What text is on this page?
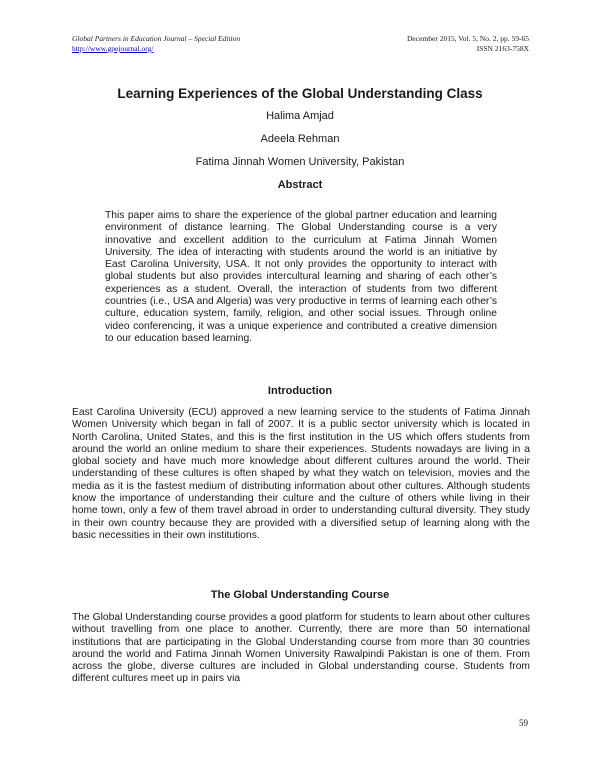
Global Partners in Education Journal – Special Edition
http://www.gpejournal.org/
December 2015, Vol. 5, No. 2, pp. 59-65
ISSN 2163-758X
Learning Experiences of the Global Understanding Class
Halima Amjad
Adeela Rehman
Fatima Jinnah Women University, Pakistan
Abstract

This paper aims to share the experience of the global partner education and learning environment of distance learning. The Global Understanding course is a very innovative and excellent addition to the curriculum at Fatima Jinnah Women University. The idea of interacting with students around the world is an initiative by East Carolina University, USA. It not only provides the opportunity to interact with global students but also provides intercultural learning and sharing of each other’s experiences as a student. Overall, the interaction of students from two different countries (i.e., USA and Algeria) was very productive in terms of learning each other’s culture, education system, family, religion, and other social issues. Through online video conferencing, it was a unique experience and contributed a creative dimension to our education based learning.

Introduction

East Carolina University (ECU) approved a new learning service to the students of Fatima Jinnah Women University which began in fall of 2007. It is a public sector university which is located in North Carolina, United States, and this is the first institution in the US which offers students from around the world an online medium to share their experiences. Students nowadays are living in a global society and have much more knowledge about different cultures around the world. Their understanding of these cultures is often shaped by what they watch on television, movies and the media as it is the fastest medium of distributing information about other cultures. Although students know the importance of understanding their culture and the culture of others while living in their home town, only a few of them travel abroad in order to understanding cultural diversity. They study in their own country because they are provided with a diversified setup of learning along with the basic necessities in their own institutions.

The Global Understanding Course

The Global Understanding course provides a good platform for students to learn about other cultures without travelling from one place to another. Currently, there are more than 50 international institutions that are participating in the Global Understanding course from more than 30 countries around the world and Fatima Jinnah Women University Rawalpindi Pakistan is one of them. From across the globe, diverse cultures are included in Global understanding course. Students from different cultures meet up in pairs via

59
